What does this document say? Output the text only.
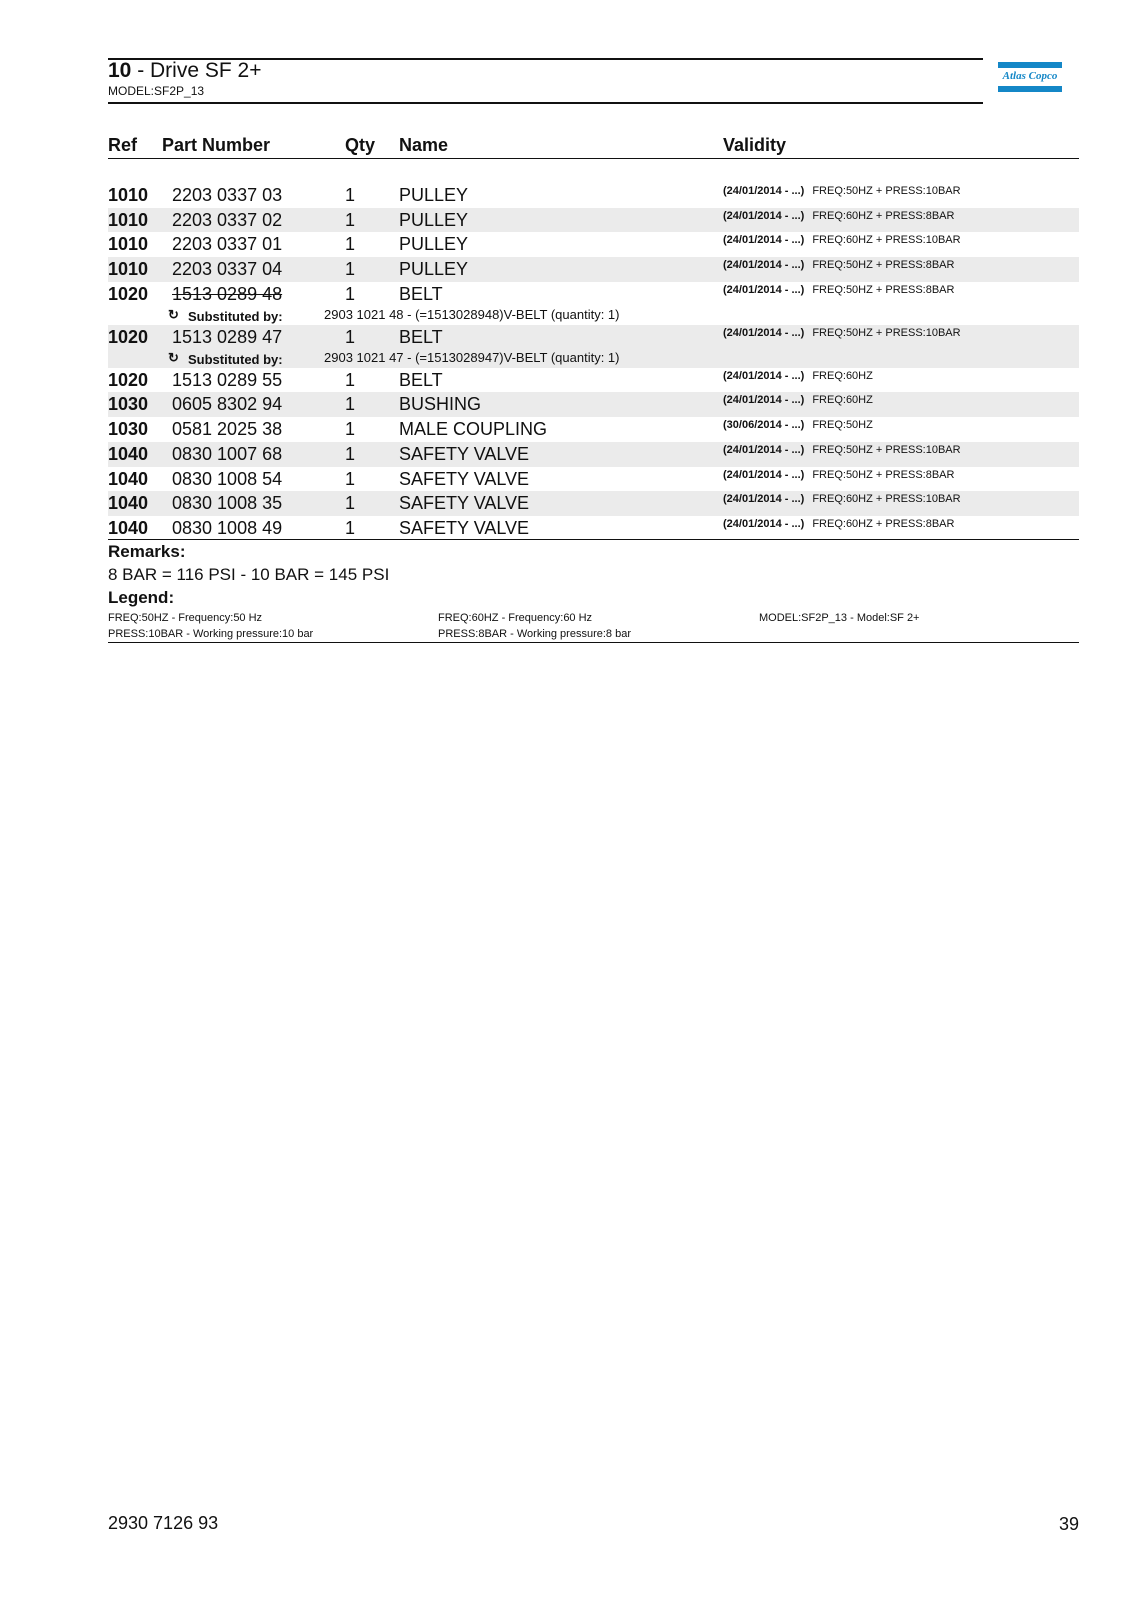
10 - Drive SF 2+
MODEL:SF2P_13
Atlas Copco
Ref Part Number	Qty Name	Validity
1010 2203 0337 03	1 PULLEY	(24/01/2014 - ...) FREQ:50HZ + PRESS:10BAR
1010 2203 0337 02	1 PULLEY	(24/01/2014 - ...) FREQ:60HZ + PRESS:8BAR
1010 2203 0337 01	1 PULLEY	(24/01/2014 - ...) FREQ:60HZ + PRESS:10BAR
1010 2203 0337 04	1 PULLEY	(24/01/2014 - ...) FREQ:50HZ + PRESS:8BAR
1020 1513 0289 48	1 BELT	(24/01/2014 - ...) FREQ:50HZ + PRESS:8BAR
↻ Substituted by:	2903 1021 48 - (=1513028948)V-BELT (quantity: 1)
1020 1513 0289 47	1 BELT	(24/01/2014 - ...) FREQ:50HZ + PRESS:10BAR
↻ Substituted by:	2903 1021 47 - (=1513028947)V-BELT (quantity: 1)
1020 1513 0289 55	1 BELT	(24/01/2014 - ...) FREQ:60HZ
1030 0605 8302 94	1 BUSHING	(24/01/2014 - ...) FREQ:60HZ
1030 0581 2025 38	1 MALE COUPLING	(30/06/2014 - ...) FREQ:50HZ
1040 0830 1007 68	1 SAFETY VALVE	(24/01/2014 - ...) FREQ:50HZ + PRESS:10BAR
1040 0830 1008 54	1 SAFETY VALVE	(24/01/2014 - ...) FREQ:50HZ + PRESS:8BAR
1040 0830 1008 35	1 SAFETY VALVE	(24/01/2014 - ...) FREQ:60HZ + PRESS:10BAR
1040 0830 1008 49	1 SAFETY VALVE	(24/01/2014 - ...) FREQ:60HZ + PRESS:8BAR
Remarks:
8 BAR = 116 PSI - 10 BAR = 145 PSI
Legend:
FREQ:50HZ - Frequency:50 Hz	FREQ:60HZ - Frequency:60 Hz	MODEL:SF2P_13 - Model:SF 2+
PRESS:10BAR - Working pressure:10 bar	PRESS:8BAR - Working pressure:8 bar
2930 7126 93	39
